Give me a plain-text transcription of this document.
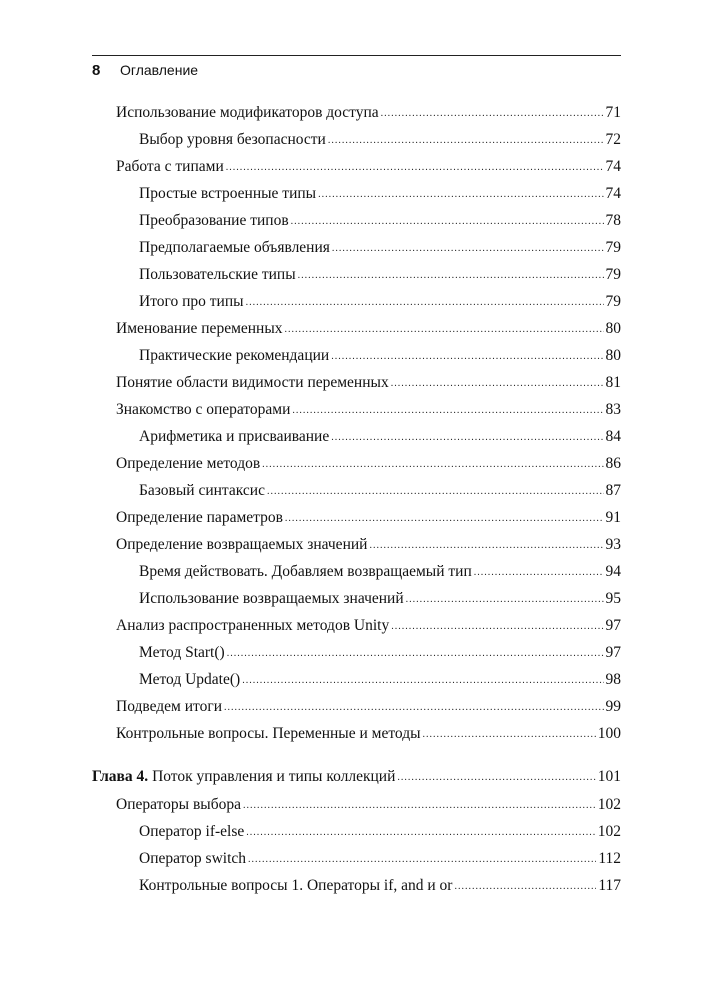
8	Оглавление
Использование модификаторов доступа .....	71
Выбор уровня безопасности .....	72
Работа с типами .....	74
Простые встроенные типы .....	74
Преобразование типов .....	78
Предполагаемые объявления .....	79
Пользовательские типы .....	79
Итого про типы .....	79
Именование переменных .....	80
Практические рекомендации .....	80
Понятие области видимости переменных .....	81
Знакомство с операторами .....	83
Арифметика и присваивание .....	84
Определение методов .....	86
Базовый синтаксис .....	87
Определение параметров .....	91
Определение возвращаемых значений .....	93
Время действовать. Добавляем возвращаемый тип .....	94
Использование возвращаемых значений .....	95
Анализ распространенных методов Unity .....	97
Метод Start() .....	97
Метод Update() .....	98
Подведем итоги .....	99
Контрольные вопросы. Переменные и методы .....	100
Глава 4. Поток управления и типы коллекций .....	101
Операторы выбора .....	102
Оператор if-else .....	102
Оператор switch .....	112
Контрольные вопросы 1. Операторы if, and и or .....	117
